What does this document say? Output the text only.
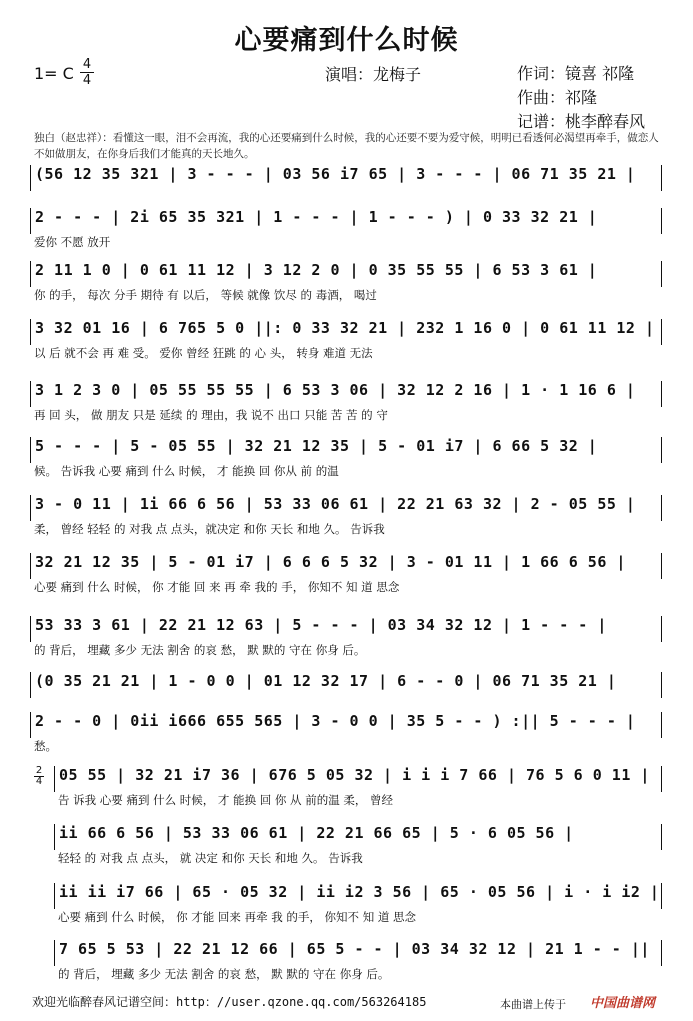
心要痛到什么时候
1= C 4
4	演唱：龙梅子	作词：镜喜 祁隆
作曲：祁隆
记谱：桃李醉春风
独白（赵忠祥）：看懂这一眼，泪不会再流，我的心还要痛到什么时候，我的心还要不要为爱守候，明明已看透何必渴望再牵手，做恋人不如做朋友，在你身后我们才能真的天长地久。
(56 12 35 321 | 3 - - - | 03 56 i7 65 | 3 - - - | 06 71 35 21 |
2 - - - | 2i 65 35 321 | 1 - - - | 1 - - - ) | 0 33 32 21 |
爱你 不愿 放开
2 11 1 0 | 0 61 11 12 | 3 12 2 0 | 0 35 55 55 | 6 53 3 61 |
你 的手， 每次 分手 期待 有 以后， 等候 就像 饮尽 的 毒酒， 喝过
3 32 01 16 | 6 765 5 0 ||: 0 33 32 21 | 232 1 16 0 | 0 61 11 12 |
以 后 就不会 再 难 受。 爱你 曾经 狂跳 的 心 头， 转身 难道 无法
3 1 2 3 0 | 05 55 55 55 | 6 53 3 06 | 32 12 2 16 | 1 · 1 16 6 |
再 回 头， 做 朋友 只是 延续 的 理由，我 说不 出口 只能 苦 苦 的 守
5 - - - | 5 - 05 55 | 32 21 12 35 | 5 - 01 i7 | 6 66 5 32 |
候。 告诉我 心要 痛到 什么 时候， 才 能换 回 你从 前 的温
3 - 0 11 | 1i 66 6 56 | 53 33 06 61 | 22 21 63 32 | 2 - 05 55 |
柔， 曾经 轻轻 的 对我 点 点头，就决定 和你 天长 和地 久。 告诉我
32 21 12 35 | 5 - 01 i7 | 6 6 6 5 32 | 3 - 01 11 | 1 66 6 56 |
心要 痛到 什么 时候， 你 才能 回 来 再 牵 我的 手， 你知不 知 道 思念
53 33 3 61 | 22 21 12 63 | 5 - - - | 03 34 32 12 | 1 - - - |
的 背后， 埋藏 多少 无法 割舍 的哀 愁， 默 默的 守在 你身 后。
(0 35 21 21 | 1 - 0 0 | 01 12 32 17 | 6 - - 0 | 06 71 35 21 |
2 - - 0 | 0ii i666 655 565 | 3 - 0 0 | 35 5 - - ) :|| 5 - - - |
愁。
05 55 | 32 21 i7 36 | 676 5 05 32 | i i i 7 66 | 76 5 6 0 11 |
告 诉我 心要 痛到 什么 时候， 才 能换 回 你 从 前的温 柔， 曾经
ii 66 6 56 | 53 33 06 61 | 22 21 66 65 | 5 · 6 05 56 |
轻轻 的 对我 点 点头， 就 决定 和你 天长 和地 久。 告诉我
ii ii i7 66 | 65 · 05 32 | ii i2 3 56 | 65 · 05 56 | i · i i2 |
心要 痛到 什么 时候， 你 才能 回来 再牵 我 的手， 你知不 知 道 思念
7 65 5 53 | 22 21 12 66 | 65 5 - - | 03 34 32 12 | 21 1 - - ||
的 背后， 埋藏 多少 无法 割舍 的哀 愁， 默 默的 守在 你身 后。
2
4
欢迎光临醉春风记谱空间：http：//user.qzone.qq.com/563264185	本曲谱上传于 中国曲谱网
